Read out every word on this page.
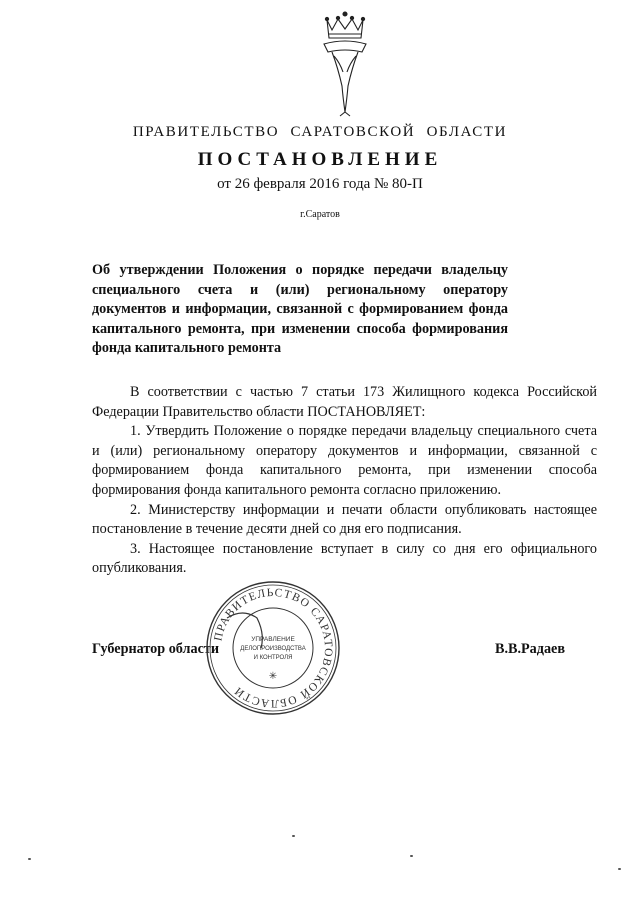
ПРАВИТЕЛЬСТВО САРАТОВСКОЙ ОБЛАСТИ
ПОСТАНОВЛЕНИЕ
от 26 февраля 2016 года № 80-П
г.Саратов

Об утверждении Положения о порядке передачи владельцу специального счета и (или) региональному оператору документов и информации, связанной с формированием фонда капитального ремонта, при изменении способа формирования фонда капитального ремонта

В соответствии с частью 7 статьи 173 Жилищного кодекса Российской Федерации Правительство области ПОСТАНОВЛЯЕТ:

1. Утвердить Положение о порядке передачи владельцу специального счета и (или) региональному оператору документов и информации, связанной с формированием фонда капитального ремонта, при изменении способа формирования фонда капитального ремонта согласно приложению.

2. Министерству информации и печати области опубликовать настоящее постановление в течение десяти дней со дня его подписания.

3. Настоящее постановление вступает в силу со дня его официального опубликования.

Губернатор области	В.В.Радаев
ПРАВИТЕЛЬСТВО САРАТОВСКОЙ ОБЛАСТИ
УПРАВЛЕНИЕ
ДЕЛОПРОИЗВОДСТВА
И КОНТРОЛЯ
✳
